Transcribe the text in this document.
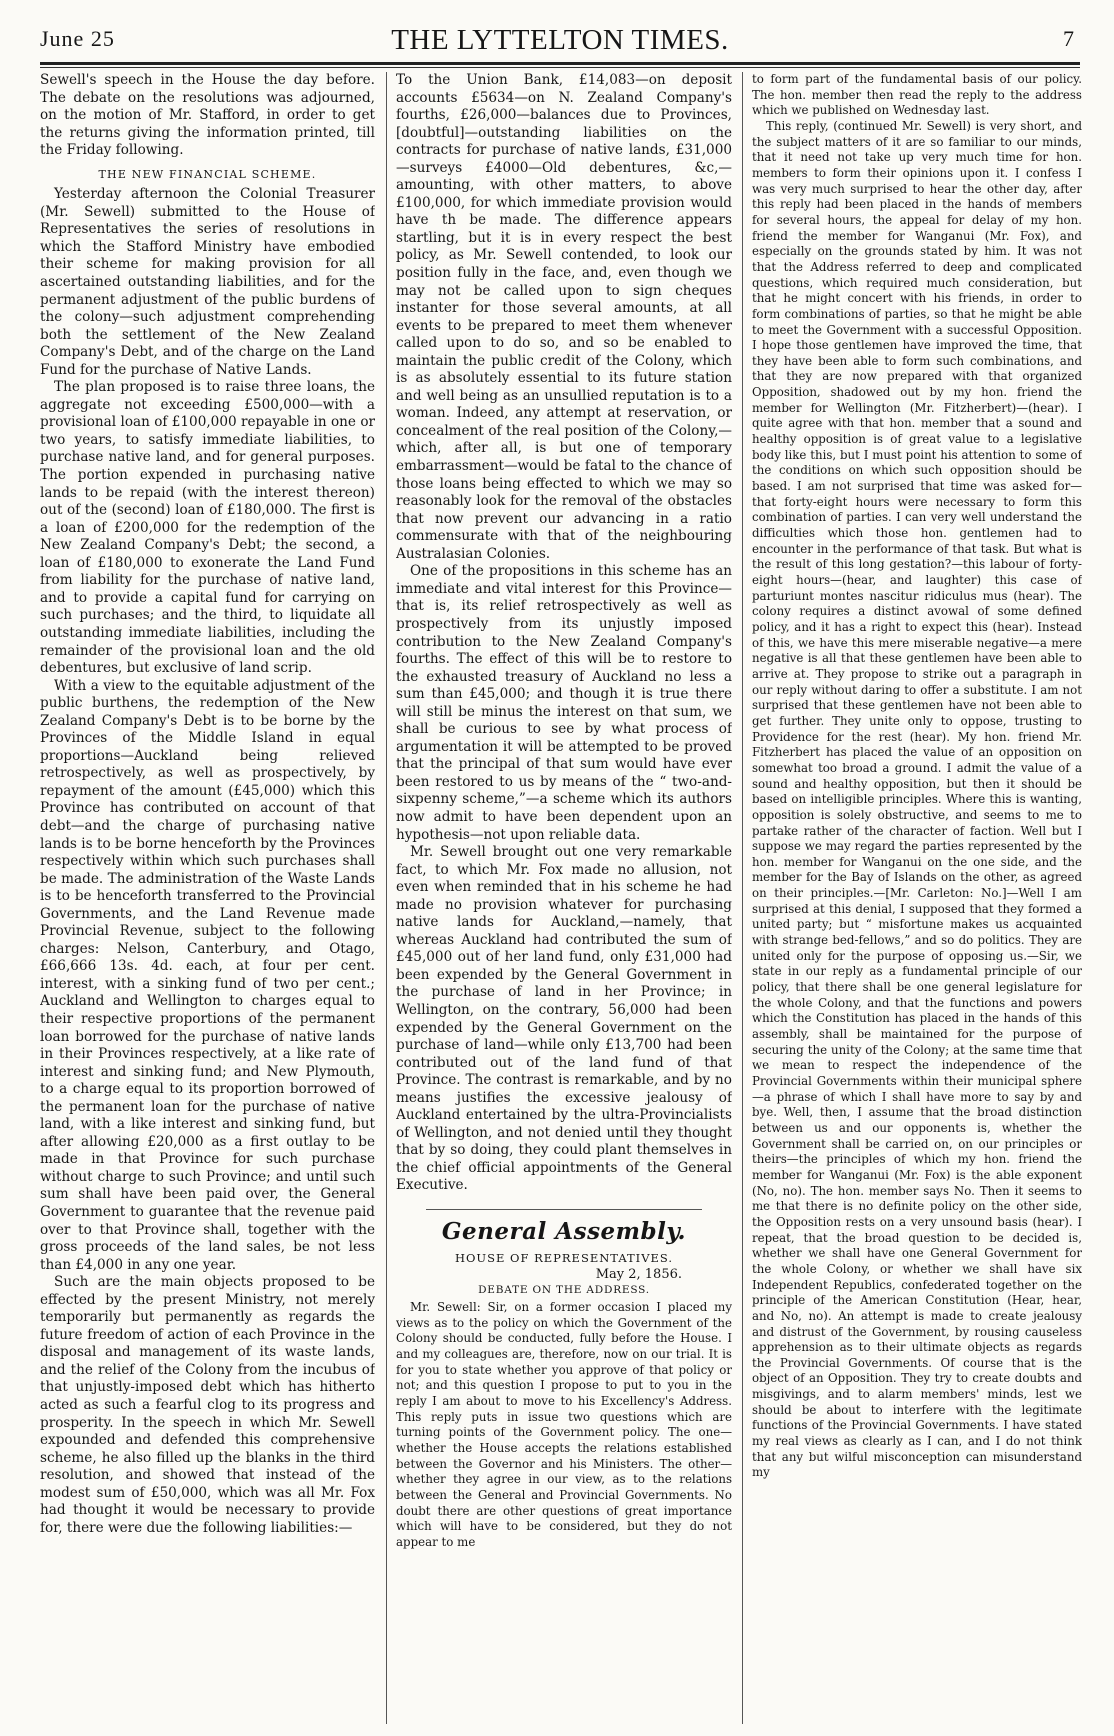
June 25	THE LYTTELTON TIMES.	7

Sewell's speech in the House the day before. The debate on the resolutions was adjourned, on the motion of Mr. Stafford, in order to get the returns giving the information printed, till the Friday following.

THE NEW FINANCIAL SCHEME.

Yesterday afternoon the Colonial Treasurer (Mr. Sewell) submitted to the House of Representatives the series of resolutions in which the Stafford Ministry have embodied their scheme for making provision for all ascertained outstanding liabilities, and for the permanent adjustment of the public burdens of the colony—such adjustment comprehending both the settlement of the New Zealand Company's Debt, and of the charge on the Land Fund for the purchase of Native Lands.

The plan proposed is to raise three loans, the aggregate not exceeding £500,000—with a provisional loan of £100,000 repayable in one or two years, to satisfy immediate liabilities, to purchase native land, and for general purposes. The portion expended in purchasing native lands to be repaid (with the interest thereon) out of the (second) loan of £180,000. The first is a loan of £200,000 for the redemption of the New Zealand Company's Debt; the second, a loan of £180,000 to exonerate the Land Fund from liability for the purchase of native land, and to provide a capital fund for carrying on such purchases; and the third, to liquidate all outstanding immediate liabilities, including the remainder of the provisional loan and the old debentures, but exclusive of land scrip.

With a view to the equitable adjustment of the public burthens, the redemption of the New Zealand Company's Debt is to be borne by the Provinces of the Middle Island in equal proportions—Auckland being relieved retrospectively, as well as prospectively, by repayment of the amount (£45,000) which this Province has contributed on account of that debt—and the charge of purchasing native lands is to be borne henceforth by the Provinces respectively within which such purchases shall be made. The administration of the Waste Lands is to be henceforth transferred to the Provincial Governments, and the Land Revenue made Provincial Revenue, subject to the following charges: Nelson, Canterbury, and Otago, £66,666 13s. 4d. each, at four per cent. interest, with a sinking fund of two per cent.; Auckland and Wellington to charges equal to their respective proportions of the permanent loan borrowed for the purchase of native lands in their Provinces respectively, at a like rate of interest and sinking fund; and New Plymouth, to a charge equal to its proportion borrowed of the permanent loan for the purchase of native land, with a like interest and sinking fund, but after allowing £20,000 as a first outlay to be made in that Province for such purchase without charge to such Province; and until such sum shall have been paid over, the General Government to guarantee that the revenue paid over to that Province shall, together with the gross proceeds of the land sales, be not less than £4,000 in any one year.

Such are the main objects proposed to be effected by the present Ministry, not merely temporarily but permanently as regards the future freedom of action of each Province in the disposal and management of its waste lands, and the relief of the Colony from the incubus of that unjustly-imposed debt which has hitherto acted as such a fearful clog to its progress and prosperity. In the speech in which Mr. Sewell expounded and defended this comprehensive scheme, he also filled up the blanks in the third resolution, and showed that instead of the modest sum of £50,000, which was all Mr. Fox had thought it would be necessary to provide for, there were due the following liabilities:—

To the Union Bank, £14,083—on deposit accounts £5634—on N. Zealand Company's fourths, £26,000—balances due to Provinces, [doubtful]—outstanding liabilities on the contracts for purchase of native lands, £31,000—surveys £4000—Old debentures, &c,—amounting, with other matters, to above £100,000, for which immediate provision would have th be made. The difference appears startling, but it is in every respect the best policy, as Mr. Sewell contended, to look our position fully in the face, and, even though we may not be called upon to sign cheques instanter for those several amounts, at all events to be prepared to meet them whenever called upon to do so, and so be enabled to maintain the public credit of the Colony, which is as absolutely essential to its future station and well being as an unsullied reputation is to a woman. Indeed, any attempt at reservation, or concealment of the real position of the Colony,—which, after all, is but one of temporary embarrassment—would be fatal to the chance of those loans being effected to which we may so reasonably look for the removal of the obstacles that now prevent our advancing in a ratio commensurate with that of the neighbouring Australasian Colonies.

One of the propositions in this scheme has an immediate and vital interest for this Province—that is, its relief retrospectively as well as prospectively from its unjustly imposed contribution to the New Zealand Company's fourths. The effect of this will be to restore to the exhausted treasury of Auckland no less a sum than £45,000; and though it is true there will still be minus the interest on that sum, we shall be curious to see by what process of argumentation it will be attempted to be proved that the principal of that sum would have ever been restored to us by means of the “ two-and-sixpenny scheme,”—a scheme which its authors now admit to have been dependent upon an hypothesis—not upon reliable data.

Mr. Sewell brought out one very remarkable fact, to which Mr. Fox made no allusion, not even when reminded that in his scheme he had made no provision whatever for purchasing native lands for Auckland,—namely, that whereas Auckland had contributed the sum of £45,000 out of her land fund, only £31,000 had been expended by the General Government in the purchase of land in her Province; in Wellington, on the contrary, 56,000 had been expended by the General Government on the purchase of land—while only £13,700 had been contributed out of the land fund of that Province. The contrast is remarkable, and by no means justifies the excessive jealousy of Auckland entertained by the ultra-Provincialists of Wellington, and not denied until they thought that by so doing, they could plant themselves in the chief official appointments of the General Executive.

General Assembly.
HOUSE OF REPRESENTATIVES.
May 2, 1856.
DEBATE ON THE ADDRESS.

Mr. Sewell: Sir, on a former occasion I placed my views as to the policy on which the Government of the Colony should be conducted, fully before the House. I and my colleagues are, therefore, now on our trial. It is for you to state whether you approve of that policy or not; and this question I propose to put to you in the reply I am about to move to his Excellency's Address. This reply puts in issue two questions which are turning points of the Government policy. The one—whether the House accepts the relations established between the Governor and his Ministers. The other—whether they agree in our view, as to the relations between the General and Provincial Governments. No doubt there are other questions of great importance which will have to be considered, but they do not appear to me

to form part of the fundamental basis of our policy. The hon. member then read the reply to the address which we published on Wednesday last.

This reply, (continued Mr. Sewell) is very short, and the subject matters of it are so familiar to our minds, that it need not take up very much time for hon. members to form their opinions upon it. I confess I was very much surprised to hear the other day, after this reply had been placed in the hands of members for several hours, the appeal for delay of my hon. friend the member for Wanganui (Mr. Fox), and especially on the grounds stated by him. It was not that the Address referred to deep and complicated questions, which required much consideration, but that he might concert with his friends, in order to form combinations of parties, so that he might be able to meet the Government with a successful Opposition. I hope those gentlemen have improved the time, that they have been able to form such combinations, and that they are now prepared with that organized Opposition, shadowed out by my hon. friend the member for Wellington (Mr. Fitzherbert)—(hear). I quite agree with that hon. member that a sound and healthy opposition is of great value to a legislative body like this, but I must point his attention to some of the conditions on which such opposition should be based. I am not surprised that time was asked for—that forty-eight hours were necessary to form this combination of parties. I can very well understand the difficulties which those hon. gentlemen had to encounter in the performance of that task. But what is the result of this long gestation?—this labour of forty-eight hours—(hear, and laughter) this case of parturiunt montes nascitur ridiculus mus (hear). The colony requires a distinct avowal of some defined policy, and it has a right to expect this (hear). Instead of this, we have this mere miserable negative—a mere negative is all that these gentlemen have been able to arrive at. They propose to strike out a paragraph in our reply without daring to offer a substitute. I am not surprised that these gentlemen have not been able to get further. They unite only to oppose, trusting to Providence for the rest (hear). My hon. friend Mr. Fitzherbert has placed the value of an opposition on somewhat too broad a ground. I admit the value of a sound and healthy opposition, but then it should be based on intelligible principles. Where this is wanting, opposition is solely obstructive, and seems to me to partake rather of the character of faction. Well but I suppose we may regard the parties represented by the hon. member for Wanganui on the one side, and the member for the Bay of Islands on the other, as agreed on their principles.—[Mr. Carleton: No.]—Well I am surprised at this denial, I supposed that they formed a united party; but “ misfortune makes us acquainted with strange bed-fellows,” and so do politics. They are united only for the purpose of opposing us.—Sir, we state in our reply as a fundamental principle of our policy, that there shall be one general legislature for the whole Colony, and that the functions and powers which the Constitution has placed in the hands of this assembly, shall be maintained for the purpose of securing the unity of the Colony; at the same time that we mean to respect the independence of the Provincial Governments within their municipal sphere—a phrase of which I shall have more to say by and bye. Well, then, I assume that the broad distinction between us and our opponents is, whether the Government shall be carried on, on our principles or theirs—the principles of which my hon. friend the member for Wanganui (Mr. Fox) is the able exponent (No, no). The hon. member says No. Then it seems to me that there is no definite policy on the other side, the Opposition rests on a very unsound basis (hear). I repeat, that the broad question to be decided is, whether we shall have one General Government for the whole Colony, or whether we shall have six Independent Republics, confederated together on the principle of the American Constitution (Hear, hear, and No, no). An attempt is made to create jealousy and distrust of the Government, by rousing causeless apprehension as to their ultimate objects as regards the Provincial Governments. Of course that is the object of an Opposition. They try to create doubts and misgivings, and to alarm members' minds, lest we should be about to interfere with the legitimate functions of the Provincial Governments. I have stated my real views as clearly as I can, and I do not think that any but wilful misconception can misunderstand my
